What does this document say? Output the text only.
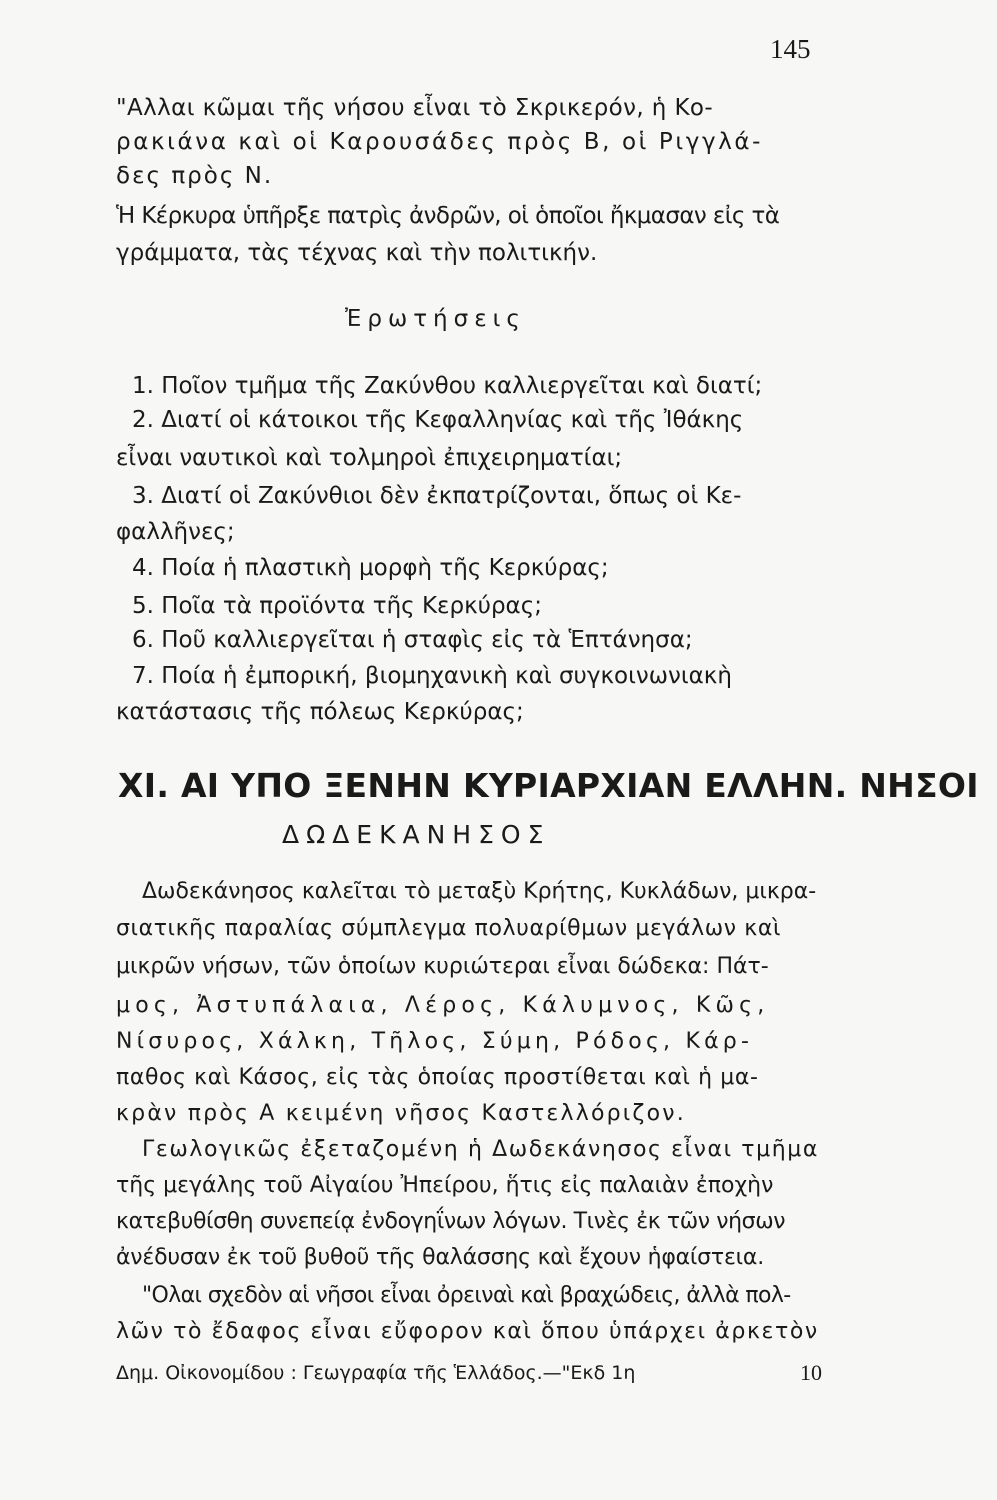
145
"Αλλαι κῶμαι τῆς νήσου εἶναι τὸ Σκρικερόν, ἡ Κο-
ρακιάνα καὶ οἱ Καρουσάδες πρὸς Β, οἱ Ριγγλά-
δες πρὸς Ν.
Ἡ Κέρκυρα ὑπῆρξε πατρὶς ἀνδρῶν, οἱ ὁποῖοι ἤκμασαν εἰς τὰ
γράμματα, τὰς τέχνας καὶ τὴν πολιτικήν.
Ἐρωτήσεις
1. Ποῖον τμῆμα τῆς Ζακύνθου καλλιεργεῖται καὶ διατί;
2. Διατί οἱ κάτοικοι τῆς Κεφαλληνίας καὶ τῆς Ἰθάκης
εἶναι ναυτικοὶ καὶ τολμηροὶ ἐπιχειρηματίαι;
3. Διατί οἱ Ζακύνθιοι δὲν ἐκπατρίζονται, ὅπως οἱ Κε-
φαλλῆνες;
4. Ποία ἡ πλαστικὴ μορφὴ τῆς Κερκύρας;
5. Ποῖα τὰ προϊόντα τῆς Κερκύρας;
6. Ποῦ καλλιεργεῖται ἡ σταφὶς εἰς τὰ Ἑπτάνησα;
7. Ποία ἡ ἐμπορική, βιομηχανικὴ καὶ συγκοινωνιακὴ
κατάστασις τῆς πόλεως Κερκύρας;
XI. ΑΙ ΥΠΟ ΞΕΝΗΝ ΚΥΡΙΑΡΧΙΑΝ ΕΛΛΗΝ. ΝΗΣΟΙ
ΔΩΔΕΚΑΝΗΣΟΣ
Δωδεκάνησος καλεῖται τὸ μεταξὺ Κρήτης, Κυκλάδων, μικρα-
σιατικῆς παραλίας σύμπλεγμα πολυαρίθμων μεγάλων καὶ
μικρῶν νήσων, τῶν ὁποίων κυριώτεραι εἶναι δώδεκα: Πάτ-
μος, Ἀστυπάλαια, Λέρος, Κάλυμνος, Κῶς,
Νίσυρος, Χάλκη, Τῆλος, Σύμη, Ρόδος, Κάρ-
παθος καὶ Κάσος, εἰς τὰς ὁποίας προστίθεται καὶ ἡ μα-
κρὰν πρὸς Α κειμένη νῆσος Καστελλόριζον.
Γεωλογικῶς ἐξεταζομένη ἡ Δωδεκάνησος εἶναι τμῆμα
τῆς μεγάλης τοῦ Αἰγαίου Ἠπείρου, ἥτις εἰς παλαιὰν ἐποχὴν
κατεβυθίσθη συνεπείᾳ ἐνδογηΐνων λόγων. Τινὲς ἐκ τῶν νήσων
ἀνέδυσαν ἐκ τοῦ βυθοῦ τῆς θαλάσσης καὶ ἔχουν ἡφαίστεια.
"Ολαι σχεδὸν αἱ νῆσοι εἶναι ὀρειναὶ καὶ βραχώδεις, ἀλλὰ πολ-
λῶν τὸ ἔδαφος εἶναι εὔφορον καὶ ὅπου ὑπάρχει ἀρκετὸν
Δημ. Οἰκονομίδου : Γεωγραφία τῆς Ἑλλάδος.—"Εκδ 1η	10
